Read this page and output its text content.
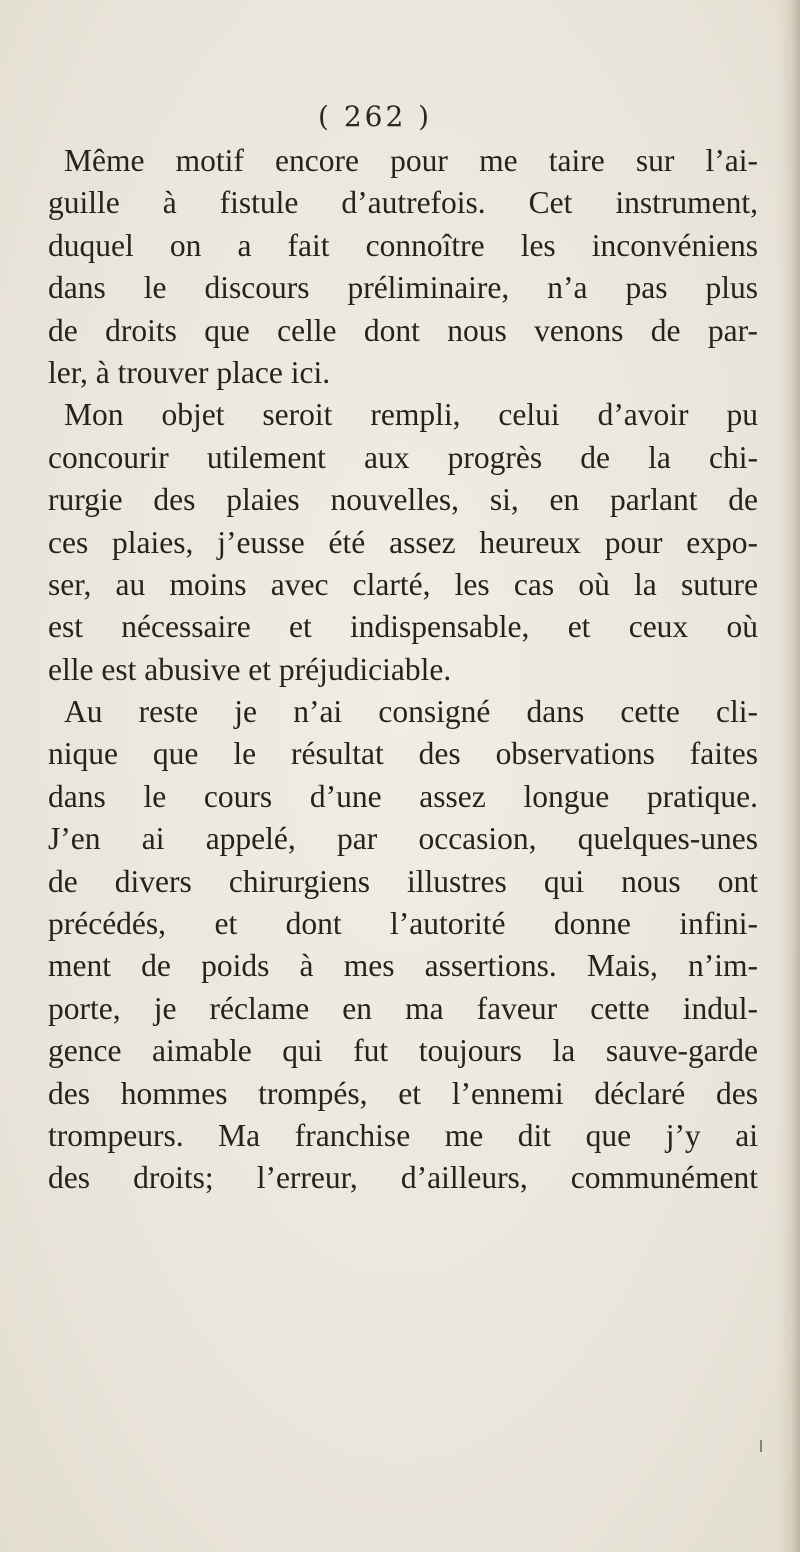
( 262 )
Même motif encore pour me taire sur l’ai-
guille à fistule d’autrefois. Cet instrument,
duquel on a fait connoître les inconvéniens
dans le discours préliminaire, n’a pas plus
de droits que celle dont nous venons de par-
ler, à trouver place ici.
Mon objet seroit rempli, celui d’avoir pu
concourir utilement aux progrès de la chi-
rurgie des plaies nouvelles, si, en parlant de
ces plaies, j’eusse été assez heureux pour expo-
ser, au moins avec clarté, les cas où la suture
est nécessaire et indispensable, et ceux où
elle est abusive et préjudiciable.
Au reste je n’ai consigné dans cette cli-
nique que le résultat des observations faites
dans le cours d’une assez longue pratique.
J’en ai appelé, par occasion, quelques-unes
de divers chirurgiens illustres qui nous ont
précédés, et dont l’autorité donne infini-
ment de poids à mes assertions. Mais, n’im-
porte, je réclame en ma faveur cette indul-
gence aimable qui fut toujours la sauve-garde
des hommes trompés, et l’ennemi déclaré des
trompeurs. Ma franchise me dit que j’y ai
des droits; l’erreur, d’ailleurs, communément
